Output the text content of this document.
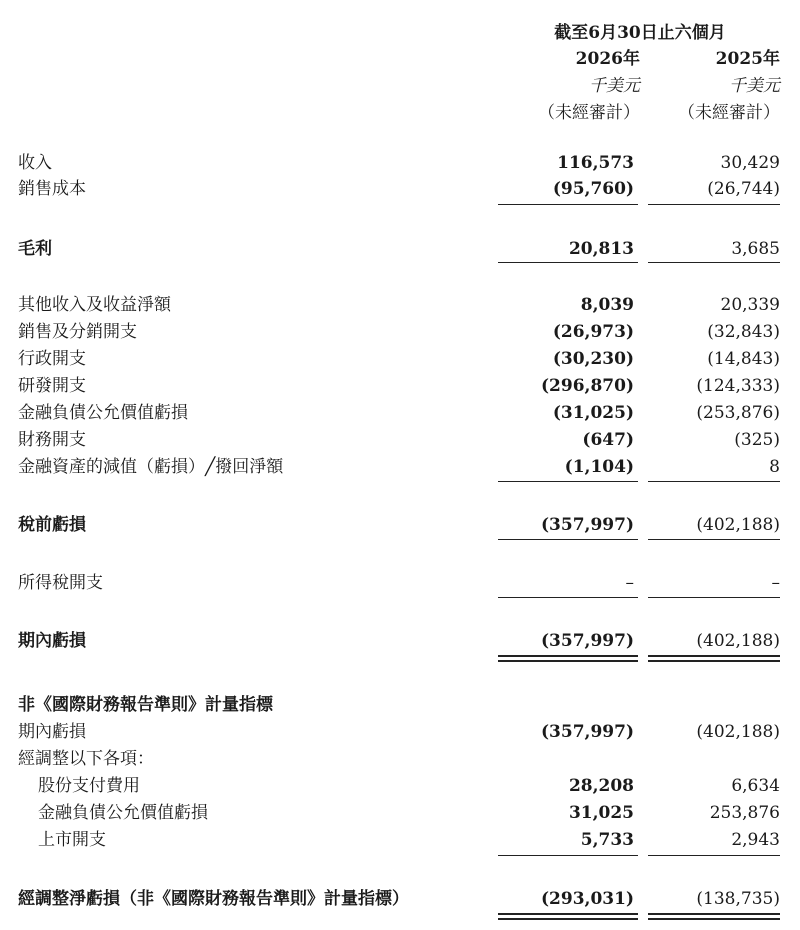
截至6月30日止六個月
2026年	2025年
千美元	千美元
（未經審計）	（未經審計）
收入	116,573	30,429
銷售成本	(95,760)	(26,744)
毛利	20,813	3,685
其他收入及收益淨額	8,039	20,339
銷售及分銷開支	(26,973)	(32,843)
行政開支	(30,230)	(14,843)
研發開支	(296,870)	(124,333)
金融負債公允價值虧損	(31,025)	(253,876)
財務開支	(647)	(325)
金融資產的減值（虧損）╱撥回淨額	(1,104)	8
稅前虧損	(357,997)	(402,188)
所得稅開支	–	–
期內虧損	(357,997)	(402,188)
非《國際財務報告準則》計量指標
期內虧損	(357,997)	(402,188)
經調整以下各項：
股份支付費用	28,208	6,634
金融負債公允價值虧損	31,025	253,876
上市開支	5,733	2,943
經調整淨虧損（非《國際財務報告準則》計量指標）	(293,031)	(138,735)
